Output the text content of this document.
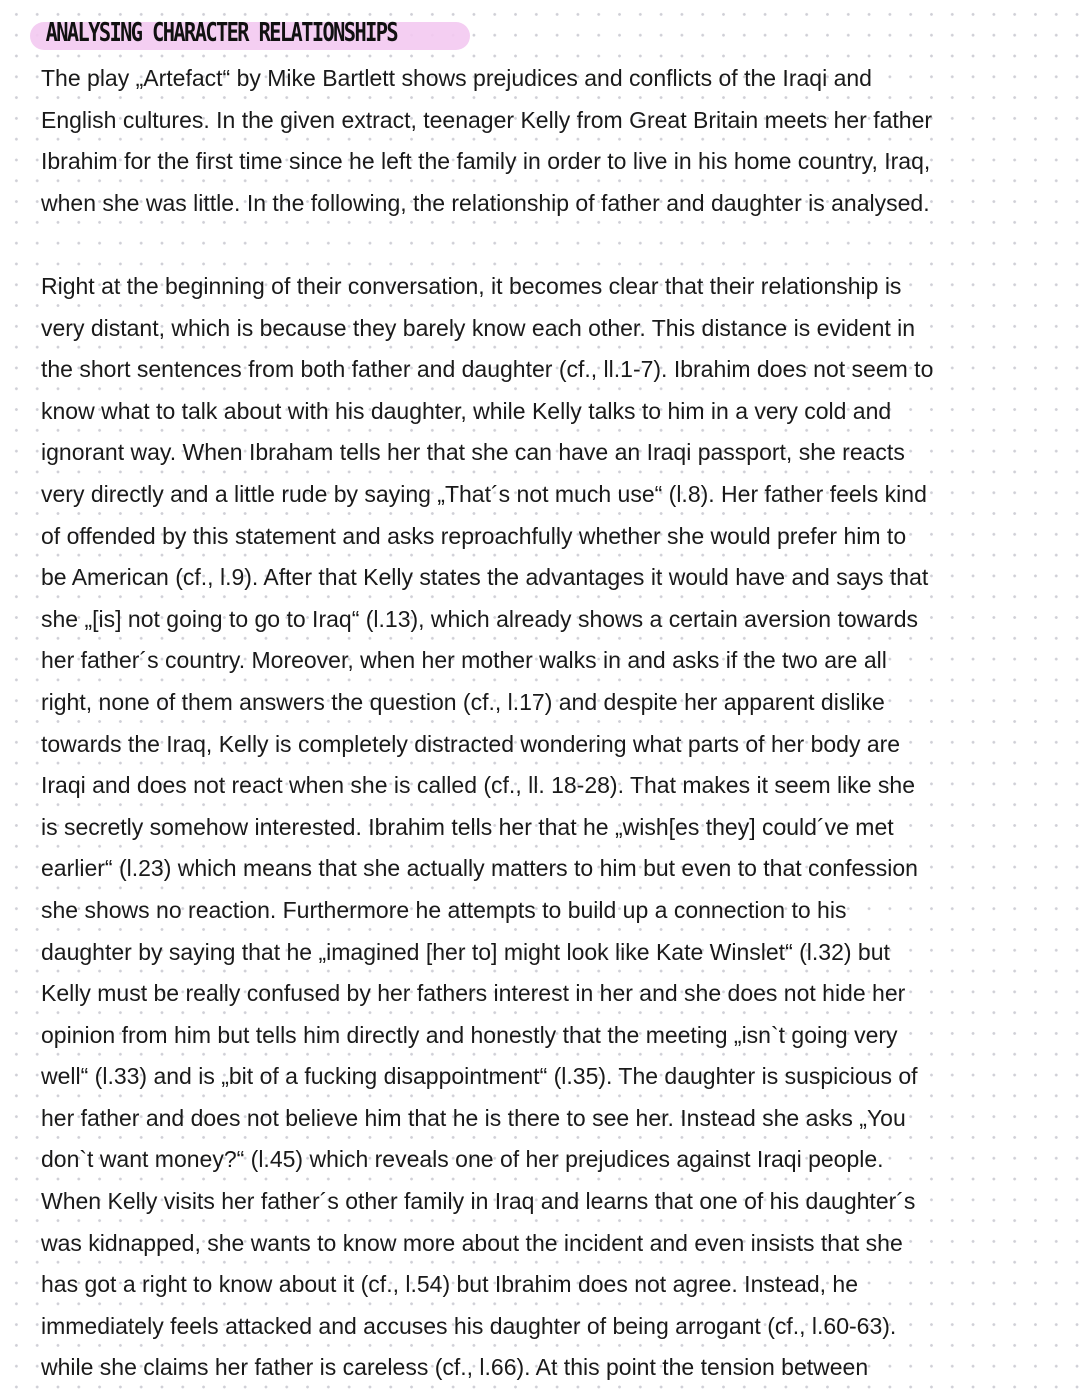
ANALYSING CHARACTER RELATIONSHIPS
The play „Artefact“ by Mike Bartlett shows prejudices and conflicts of the Iraqi and
English cultures. In the given extract, teenager Kelly from Great Britain meets her father
Ibrahim for the first time since he left the family in order to live in his home country, Iraq,
when she was little. In the following, the relationship of father and daughter is analysed.
Right at the beginning of their conversation, it becomes clear that their relationship is
very distant, which is because they barely know each other. This distance is evident in
the short sentences from both father and daughter (cf., ll.1-7). Ibrahim does not seem to
know what to talk about with his daughter, while Kelly talks to him in a very cold and
ignorant way. When Ibraham tells her that she can have an Iraqi passport, she reacts
very directly and a little rude by saying „That´s not much use“ (l.8). Her father feels kind
of offended by this statement and asks reproachfully whether she would prefer him to
be American (cf., l.9). After that Kelly states the advantages it would have and says that
she „[is] not going to go to Iraq“ (l.13), which already shows a certain aversion towards
her father´s country. Moreover, when her mother walks in and asks if the two are all
right, none of them answers the question (cf., l.17) and despite her apparent dislike
towards the Iraq, Kelly is completely distracted wondering what parts of her body are
Iraqi and does not react when she is called (cf., ll. 18-28). That makes it seem like she
is secretly somehow interested. Ibrahim tells her that he „wish[es they] could´ve met
earlier“ (l.23) which means that she actually matters to him but even to that confession
she shows no reaction. Furthermore he attempts to build up a connection to his
daughter by saying that he „imagined [her to] might look like Kate Winslet“ (l.32) but
Kelly must be really confused by her fathers interest in her and she does not hide her
opinion from him but tells him directly and honestly that the meeting „isn`t going very
well“ (l.33) and is „bit of a fucking disappointment“ (l.35). The daughter is suspicious of
her father and does not believe him that he is there to see her. Instead she asks „You
don`t want money?“ (l.45) which reveals one of her prejudices against Iraqi people.
When Kelly visits her father´s other family in Iraq and learns that one of his daughter´s
was kidnapped, she wants to know more about the incident and even insists that she
has got a right to know about it (cf., l.54) but Ibrahim does not agree. Instead, he
immediately feels attacked and accuses his daughter of being arrogant (cf., l.60-63).
while she claims her father is careless (cf., l.66). At this point the tension between
